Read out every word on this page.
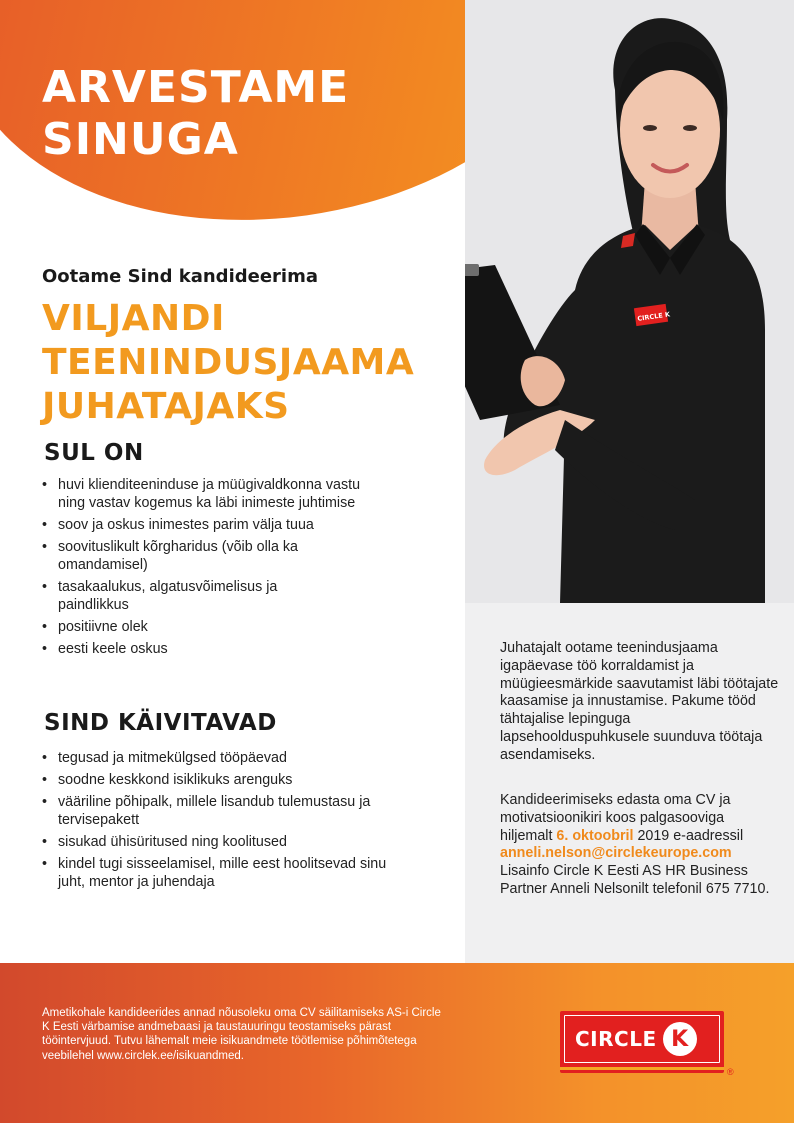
ARVESTAME
SINUGA
CIRCLE K

Ootame Sind kandideerima

VILJANDI
TEENINDUSJAAMA
JUHATAJAKS
SUL ON
• huvi klienditeeninduse ja müügivaldkonna vastu ning vastav kogemus ka läbi inimeste juhtimise
• soov ja oskus inimestes parim välja tuua
• soovituslikult kõrgharidus (võib olla ka omandamisel)
• tasakaalukus, algatusvõimelisus ja paindlikkus
• positiivne olek
• eesti keele oskus
SIND KÄIVITAVAD
• tegusad ja mitmekülgsed tööpäevad
• soodne keskkond isiklikuks arenguks
• vääriline põhipalk, millele lisandub tulemustasu ja tervisepakett
• sisukad ühisüritused ning koolitused
• kindel tugi sisseelamisel, mille eest hoolitsevad sinu juht, mentor ja juhendaja

Juhatajalt ootame teenindusjaama igapäevase töö korraldamist ja müügieesmärkide saavutamist läbi töötajate kaasamise ja innustamise. Pakume tööd tähtajalise lepinguga lapsehoolduspuhkusele suunduva töötaja asendamiseks.

Kandideerimiseks edasta oma CV ja motivatsioonikiri koos palgasooviga hiljemalt 6. oktoobril 2019 e-aadressil anneli.nelson@circlekeurope.com Lisainfo Circle K Eesti AS HR Business Partner Anneli Nelsonilt telefonil 675 7710.

Ametikohale kandideerides annad nõusoleku oma CV säilitamiseks AS-i Circle K Eesti värbamise andmebaasi ja taustauuringu teostamiseks pärast tööintervjuud. Tutvu lähemalt meie isikuandmete töötlemise põhimõtetega veebilehel www.circlek.ee/isikuandmed.

CIRCLE K
®
